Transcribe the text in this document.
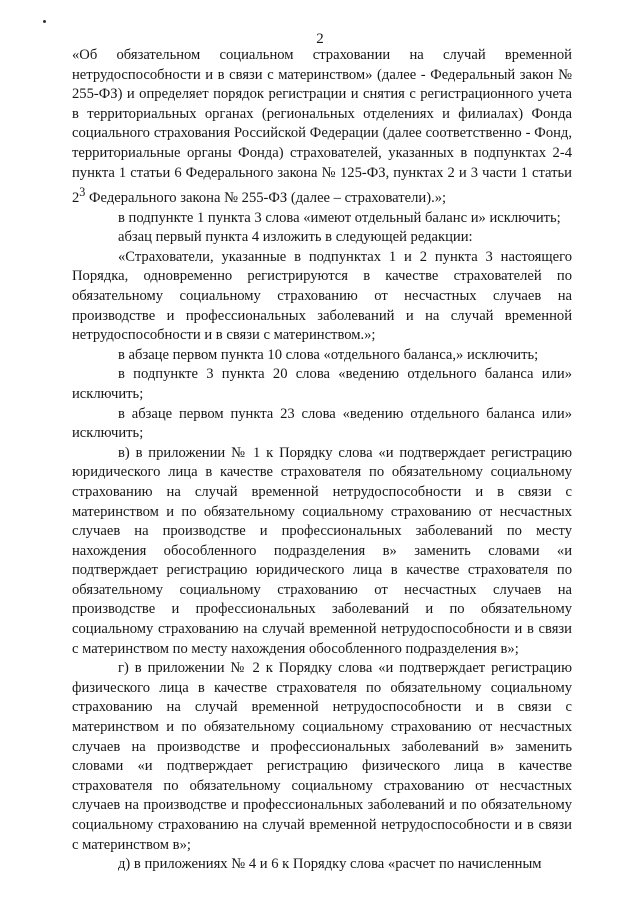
2

«Об обязательном социальном страховании на случай временной нетрудоспособности и в связи с материнством» (далее - Федеральный закон № 255-ФЗ) и определяет порядок регистрации и снятия с регистрационного учета в территориальных органах (региональных отделениях и филиалах) Фонда социального страхования Российской Федерации (далее соответственно - Фонд, территориальные органы Фонда) страхователей, указанных в подпунктах 2-4 пункта 1 статьи 6 Федерального закона № 125-ФЗ, пунктах 2 и 3 части 1 статьи $2^3$ Федерального закона № 255-ФЗ (далее – страхователи).»;

в подпункте 1 пункта 3 слова «имеют отдельный баланс и» исключить;

абзац первый пункта 4 изложить в следующей редакции:

«Страхователи, указанные в подпунктах 1 и 2 пункта 3 настоящего Порядка, одновременно регистрируются в качестве страхователей по обязательному социальному страхованию от несчастных случаев на производстве и профессиональных заболеваний и на случай временной нетрудоспособности и в связи с материнством.»;

в абзаце первом пункта 10 слова «отдельного баланса,» исключить;

в подпункте 3 пункта 20 слова «ведению отдельного баланса или» исключить;

в абзаце первом пункта 23 слова «ведению отдельного баланса или» исключить;

в) в приложении № 1 к Порядку слова «и подтверждает регистрацию юридического лица в качестве страхователя по обязательному социальному страхованию на случай временной нетрудоспособности и в связи с материнством и по обязательному социальному страхованию от несчастных случаев на производстве и профессиональных заболеваний по месту нахождения обособленного подразделения в» заменить словами «и подтверждает регистрацию юридического лица в качестве страхователя по обязательному социальному страхованию от несчастных случаев на производстве и профессиональных заболеваний и по обязательному социальному страхованию на случай временной нетрудоспособности и в связи с материнством по месту нахождения обособленного подразделения в»;

г) в приложении № 2 к Порядку слова «и подтверждает регистрацию физического лица в качестве страхователя по обязательному социальному страхованию на случай временной нетрудоспособности и в связи с материнством и по обязательному социальному страхованию от несчастных случаев на производстве и профессиональных заболеваний в» заменить словами «и подтверждает регистрацию физического лица в качестве страхователя по обязательному социальному страхованию от несчастных случаев на производстве и профессиональных заболеваний и по обязательному социальному страхованию на случай временной нетрудоспособности и в связи с материнством в»;

д) в приложениях № 4 и 6 к Порядку слова «расчет по начисленным
